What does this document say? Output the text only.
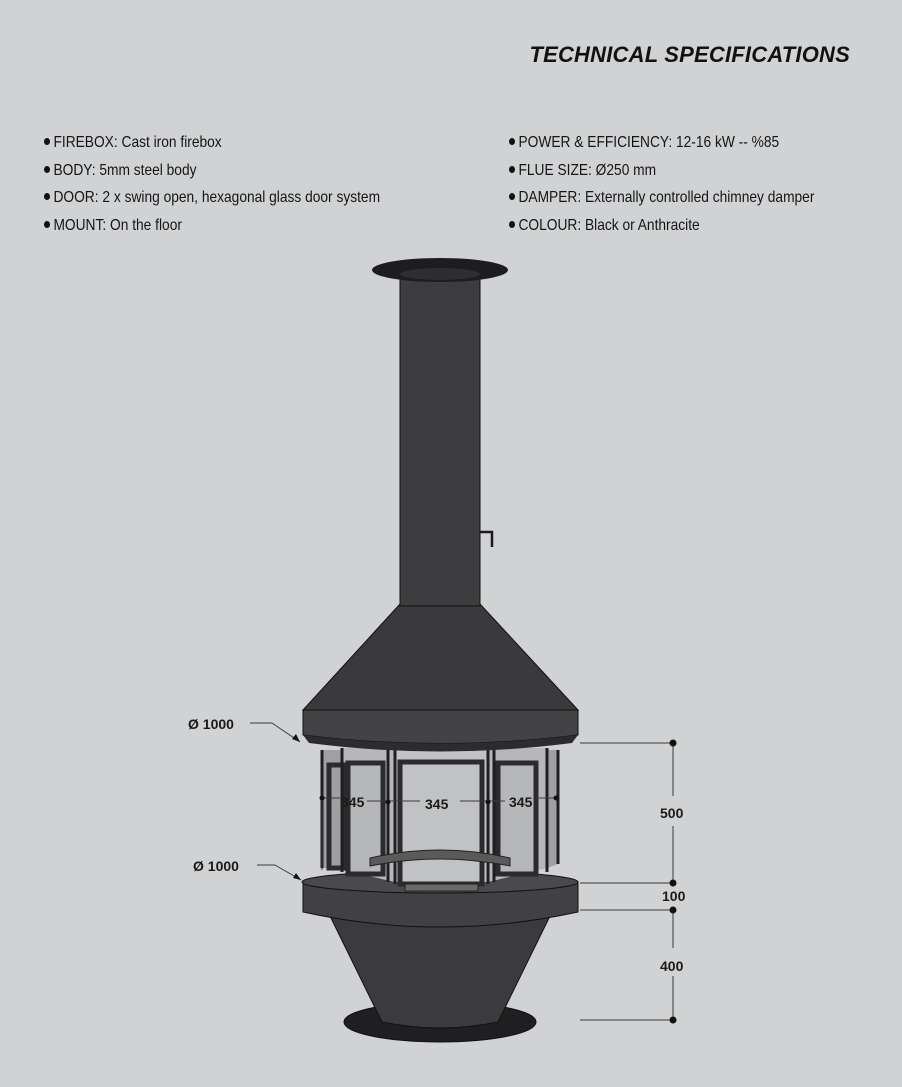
TECHNICAL SPECIFICATIONS
FIREBOX: Cast iron firebox
BODY: 5mm steel body
DOOR: 2 x swing open, hexagonal glass door system
MOUNT: On the floor
POWER & EFFICIENCY: 12-16 kW -- %85
FLUE SIZE: Ø250 mm
DAMPER: Externally controlled chimney damper
COLOUR: Black or Anthracite
Ø 1000
Ø 1000
345	345	345
500
100
400
